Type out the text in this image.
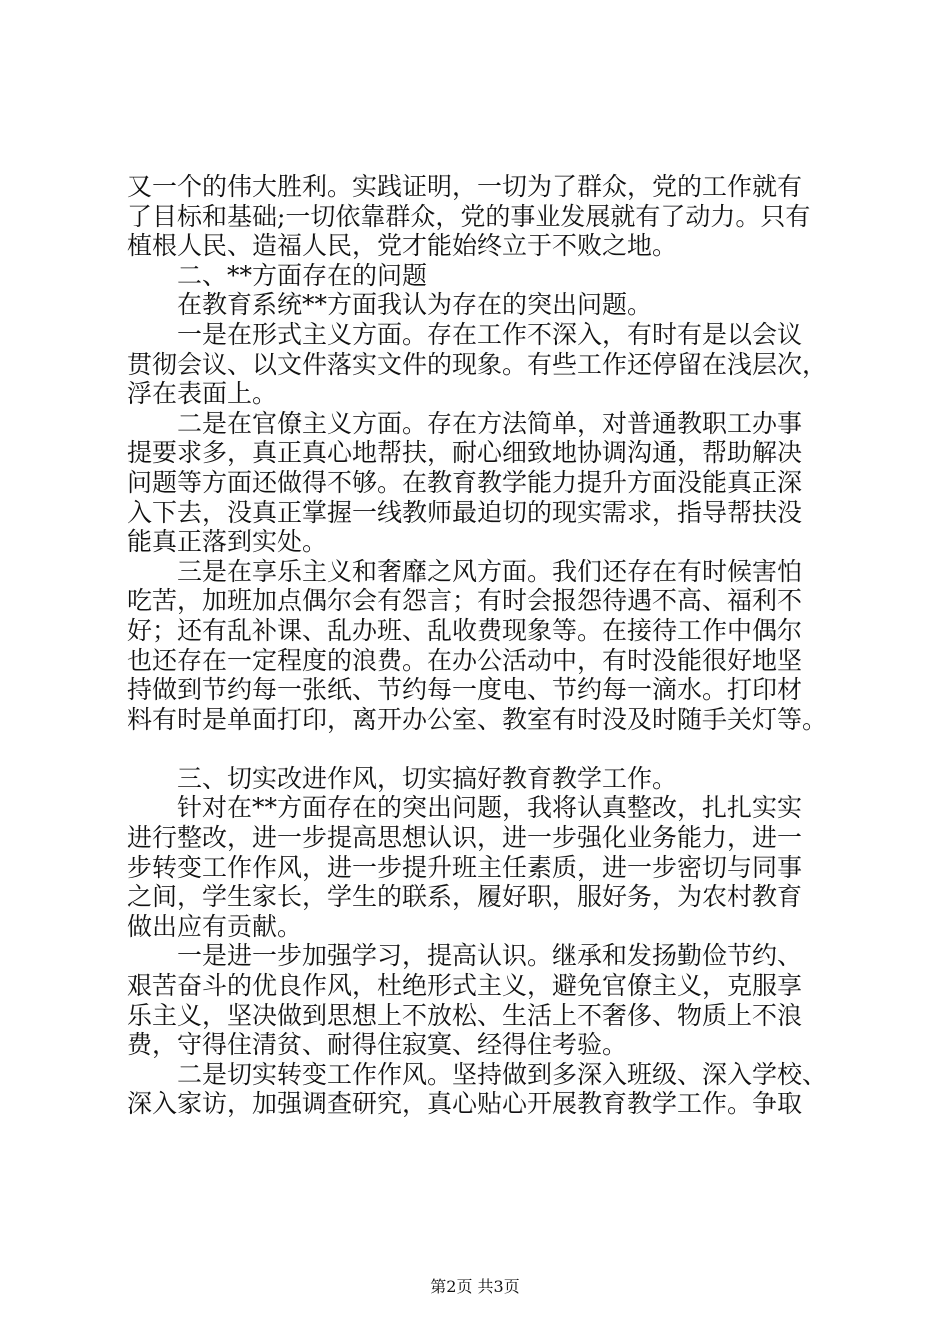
又一个的伟大胜利。实践证明，一切为了群众，党的工作就有
了目标和基础;一切依靠群众，党的事业发展就有了动力。只有
植根人民、造福人民，党才能始终立于不败之地。
　　二、**方面存在的问题
　　在教育系统**方面我认为存在的突出问题。
　　一是在形式主义方面。存在工作不深入，有时有是以会议
贯彻会议、以文件落实文件的现象。有些工作还停留在浅层次，
浮在表面上。
　　二是在官僚主义方面。存在方法简单，对普通教职工办事
提要求多，真正真心地帮扶，耐心细致地协调沟通，帮助解决
问题等方面还做得不够。在教育教学能力提升方面没能真正深
入下去，没真正掌握一线教师最迫切的现实需求，指导帮扶没
能真正落到实处。
　　三是在享乐主义和奢靡之风方面。我们还存在有时候害怕
吃苦，加班加点偶尔会有怨言；有时会报怨待遇不高、福利不
好；还有乱补课、乱办班、乱收费现象等。在接待工作中偶尔
也还存在一定程度的浪费。在办公活动中，有时没能很好地坚
持做到节约每一张纸、节约每一度电、节约每一滴水。打印材
料有时是单面打印，离开办公室、教室有时没及时随手关灯等。
　　三、切实改进作风，切实搞好教育教学工作。
　　针对在**方面存在的突出问题，我将认真整改，扎扎实实
进行整改，进一步提高思想认识，进一步强化业务能力，进一
步转变工作作风，进一步提升班主任素质，进一步密切与同事
之间，学生家长，学生的联系，履好职，服好务，为农村教育
做出应有贡献。
　　一是进一步加强学习，提高认识。继承和发扬勤俭节约、
艰苦奋斗的优良作风，杜绝形式主义，避免官僚主义，克服享
乐主义，坚决做到思想上不放松、生活上不奢侈、物质上不浪
费，守得住清贫、耐得住寂寞、经得住考验。
　　二是切实转变工作作风。坚持做到多深入班级、深入学校、
深入家访，加强调查研究，真心贴心开展教育教学工作。争取
第2页 共3页
